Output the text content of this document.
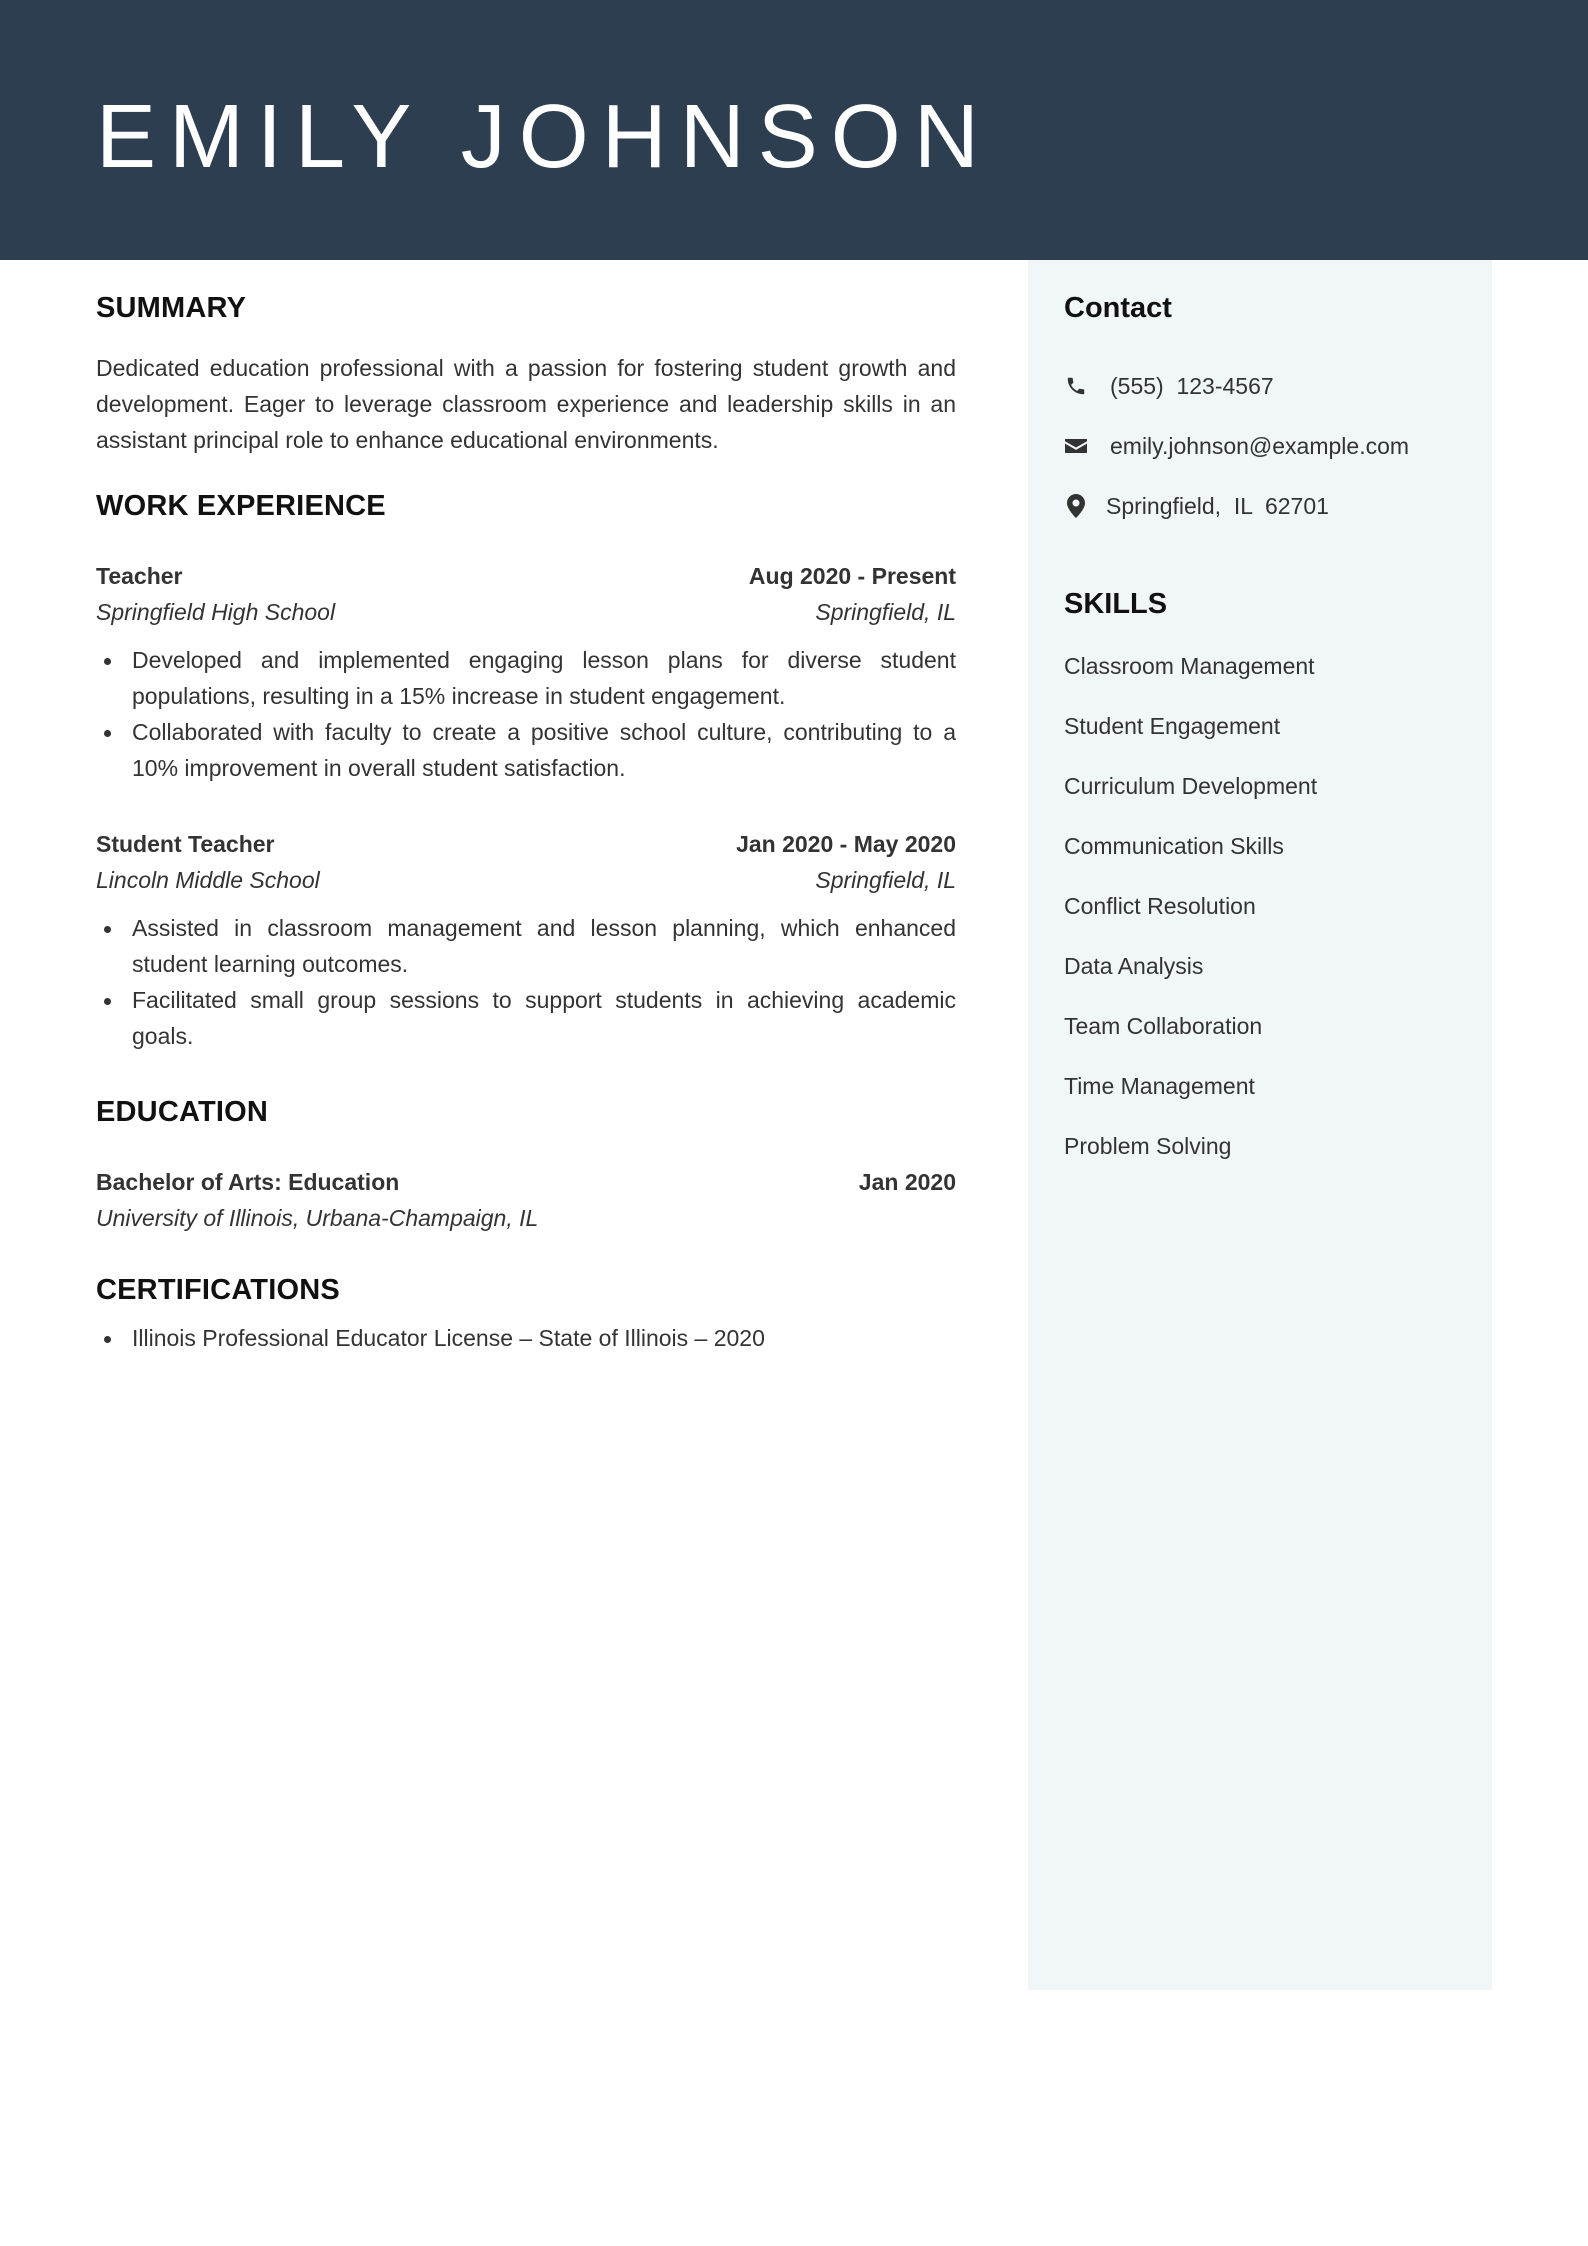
EMILY JOHNSON
SUMMARY

Dedicated education professional with a passion for fostering student growth and development. Eager to leverage classroom experience and leadership skills in an assistant principal role to enhance educational environments.

WORK EXPERIENCE
Teacher	Aug 2020 - Present
Springfield High School	Springfield, IL
Developed and implemented engaging lesson plans for diverse student populations, resulting in a 15% increase in student engagement.
Collaborated with faculty to create a positive school culture, contributing to a 10% improvement in overall student satisfaction.
Student Teacher	Jan 2020 - May 2020
Lincoln Middle School	Springfield, IL
Assisted in classroom management and lesson planning, which enhanced student learning outcomes.
Facilitated small group sessions to support students in achieving academic goals.
EDUCATION
Bachelor of Arts: Education	Jan 2020
University of Illinois, Urbana-Champaign, IL
CERTIFICATIONS
Illinois Professional Educator License – State of Illinois – 2020
Contact
(555)  123-4567
emily.johnson@example.com
Springfield,  IL  62701
SKILLS
Classroom Management
Student Engagement
Curriculum Development
Communication Skills
Conflict Resolution
Data Analysis
Team Collaboration
Time Management
Problem Solving
